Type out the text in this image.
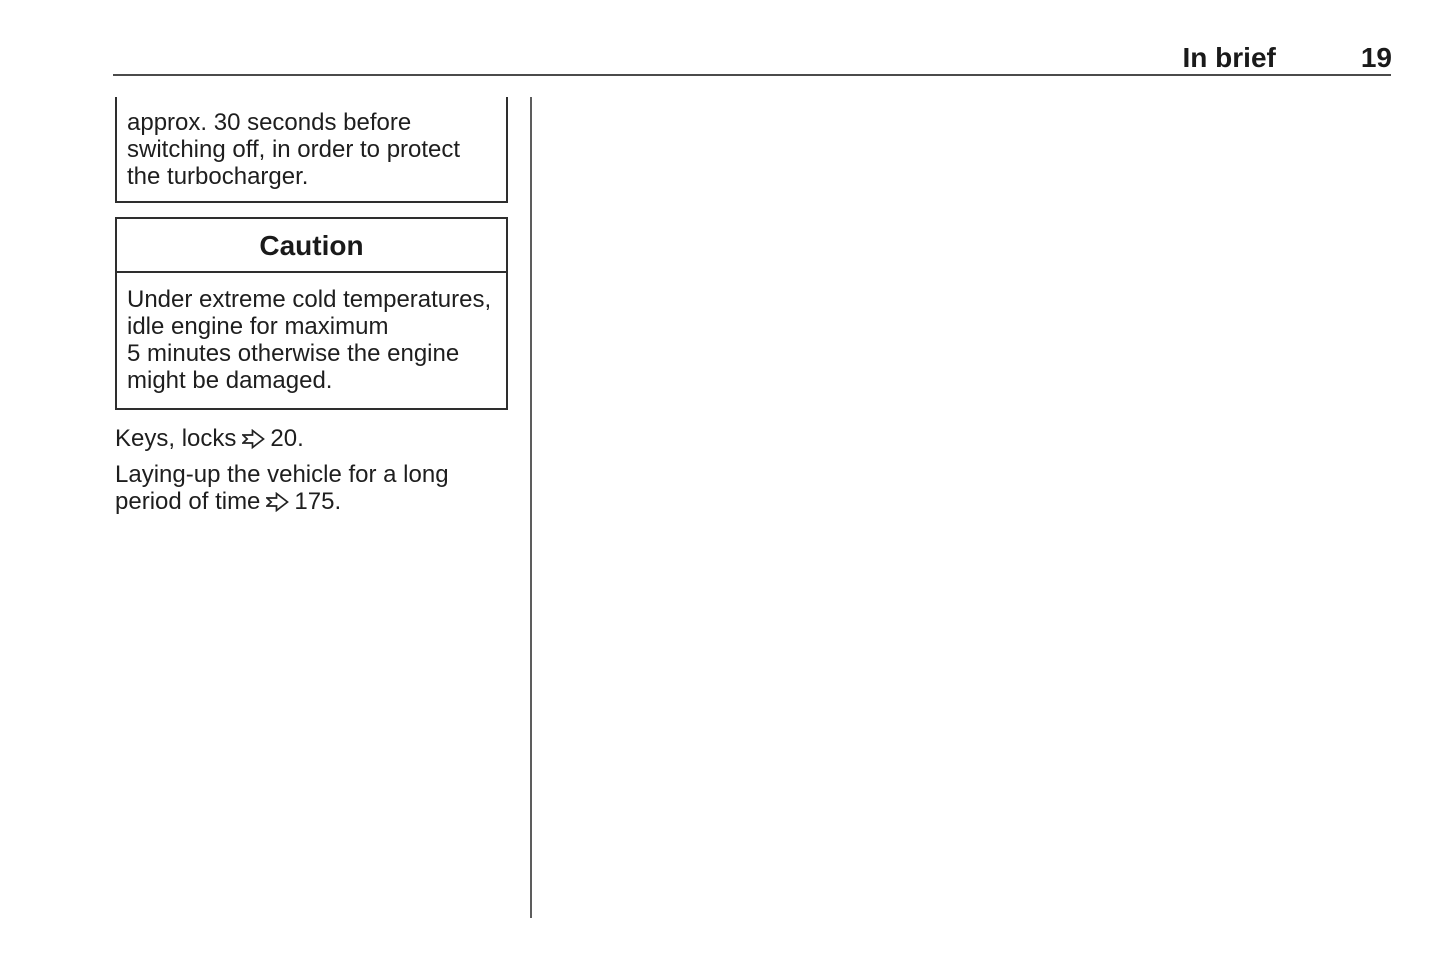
In brief	19
approx. 30 seconds before
switching off, in order to protect
the turbocharger.
Caution
Under extreme cold temperatures,
idle engine for maximum
5 minutes otherwise the engine
might be damaged.

Keys, locks 20.

Laying-up the vehicle for a long period of time 175.
